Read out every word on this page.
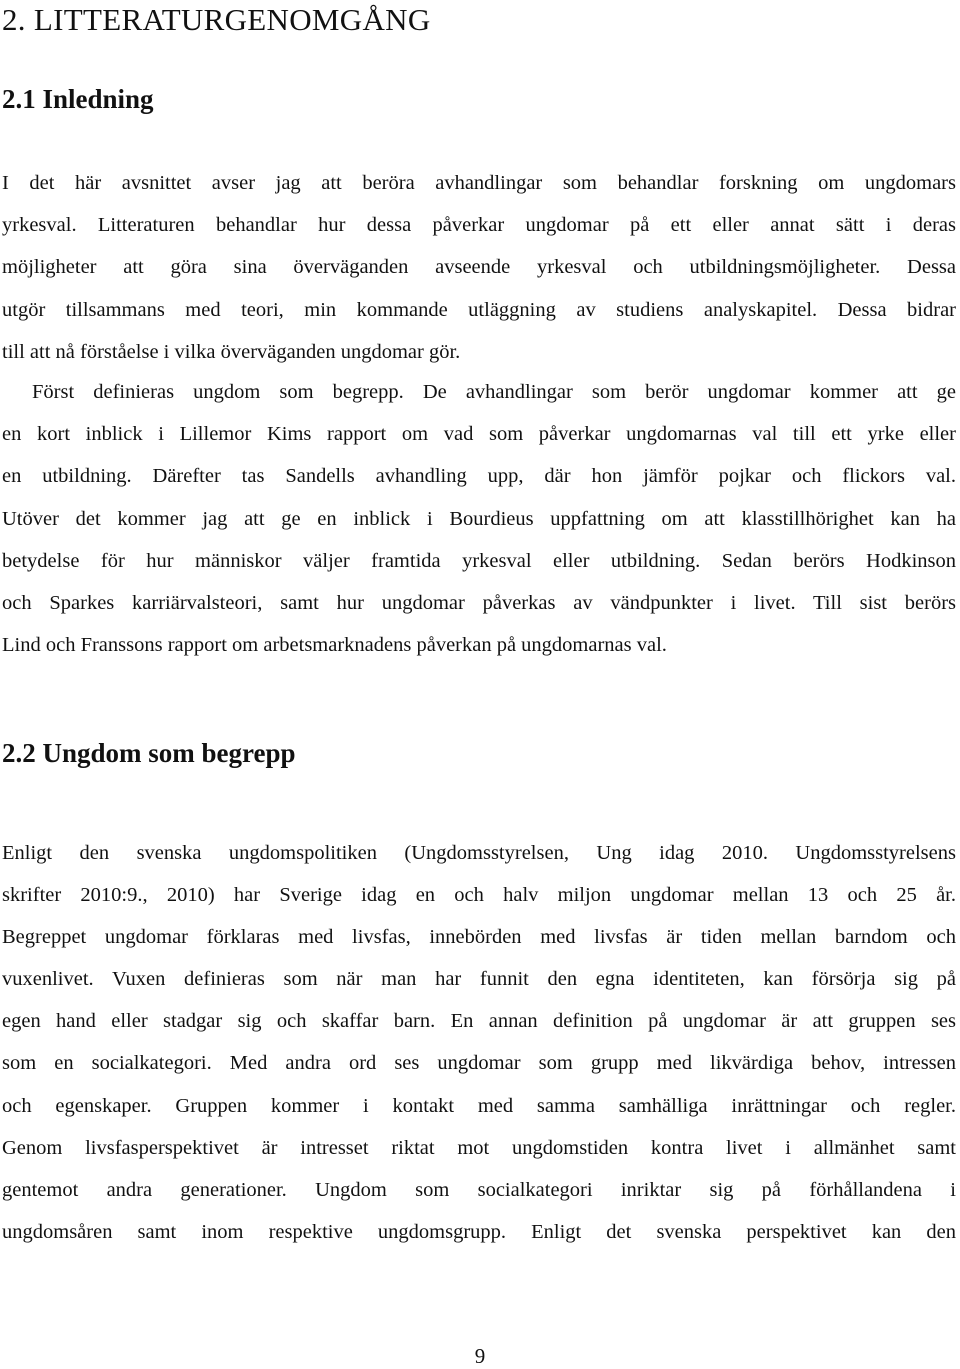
2. LITTERATURGENOMGÅNG
2.1 Inledning
I det här avsnittet avser jag att beröra avhandlingar som behandlar forskning om ungdomars
yrkesval. Litteraturen behandlar hur dessa påverkar ungdomar på ett eller annat sätt i deras
möjligheter att göra sina överväganden avseende yrkesval och utbildningsmöjligheter. Dessa
utgör tillsammans med teori, min kommande utläggning av studiens analyskapitel. Dessa bidrar
till att nå förståelse i vilka överväganden ungdomar gör.
Först definieras ungdom som begrepp. De avhandlingar som berör ungdomar kommer att ge
en kort inblick i Lillemor Kims rapport om vad som påverkar ungdomarnas val till ett yrke eller
en utbildning. Därefter tas Sandells avhandling upp, där hon jämför pojkar och flickors val.
Utöver det kommer jag att ge en inblick i Bourdieus uppfattning om att klasstillhörighet kan ha
betydelse för hur människor väljer framtida yrkesval eller utbildning. Sedan berörs Hodkinson
och Sparkes karriärvalsteori, samt hur ungdomar påverkas av vändpunkter i livet. Till sist berörs
Lind och Franssons rapport om arbetsmarknadens påverkan på ungdomarnas val.
2.2 Ungdom som begrepp
Enligt den svenska ungdomspolitiken (Ungdomsstyrelsen, Ung idag 2010. Ungdomsstyrelsens
skrifter 2010:9., 2010) har Sverige idag en och halv miljon ungdomar mellan 13 och 25 år.
Begreppet ungdomar förklaras med livsfas, innebörden med livsfas är tiden mellan barndom och
vuxenlivet. Vuxen definieras som när man har funnit den egna identiteten, kan försörja sig på
egen hand eller stadgar sig och skaffar barn. En annan definition på ungdomar är att gruppen ses
som en socialkategori. Med andra ord ses ungdomar som grupp med likvärdiga behov, intressen
och egenskaper. Gruppen kommer i kontakt med samma samhälliga inrättningar och regler.
Genom livsfasperspektivet är intresset riktat mot ungdomstiden kontra livet i allmänhet samt
gentemot andra generationer. Ungdom som socialkategori inriktar sig på förhållandena i
ungdomsåren samt inom respektive ungdomsgrupp. Enligt det svenska perspektivet kan den
9
